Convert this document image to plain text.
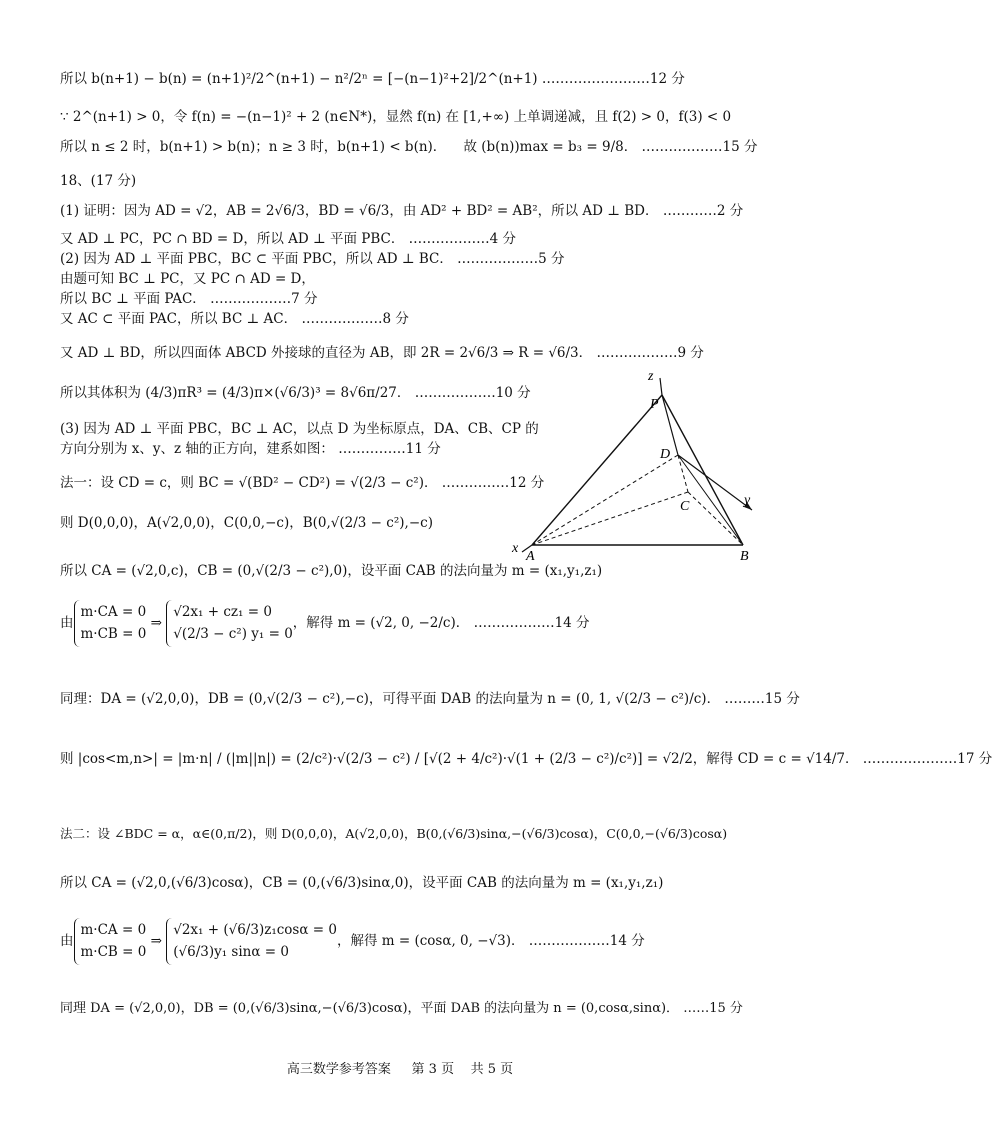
所以 b(n+1) − b(n) = (n+1)²/2^(n+1) − n²/2ⁿ = [−(n−1)²+2]/2^(n+1) ……………………12 分
∵ 2^(n+1) > 0，令 f(n) = −(n−1)² + 2 (n∈N*)，显然 f(n) 在 [1,+∞) 上单调递减，且 f(2) > 0，f(3) < 0
所以 n ≤ 2 时，b(n+1) > b(n)；n ≥ 3 时，b(n+1) < b(n)． 故 (b(n))max = b₃ = 9/8． ………………15 分
18、(17 分)
(1) 证明：因为 AD = √2，AB = 2√6/3，BD = √6/3，由 AD² + BD² = AB²，所以 AD ⊥ BD． …………2 分
又 AD ⊥ PC，PC ∩ BD = D，所以 AD ⊥ 平面 PBC． ………………4 分
(2) 因为 AD ⊥ 平面 PBC，BC ⊂ 平面 PBC，所以 AD ⊥ BC． ………………5 分
由题可知 BC ⊥ PC，又 PC ∩ AD = D，
所以 BC ⊥ 平面 PAC． ………………7 分
又 AC ⊂ 平面 PAC，所以 BC ⊥ AC． ………………8 分
又 AD ⊥ BD，所以四面体 ABCD 外接球的直径为 AB，即 2R = 2√6/3 ⇒ R = √6/3． ………………9 分
所以其体积为 (4/3)πR³ = (4/3)π×(√6/3)³ = 8√6π/27． ………………10 分
(3) 因为 AD ⊥ 平面 PBC，BC ⊥ AC，以点 D 为坐标原点，DA、CB、CP 的
方向分别为 x、y、z 轴的正方向，建系如图： ……………11 分
法一：设 CD = c，则 BC = √(BD² − CD²) = √(2/3 − c²)． ……………12 分
则 D(0,0,0)，A(√2,0,0)，C(0,0,−c)，B(0,√(2/3 − c²),−c)
所以 CA = (√2,0,c)，CB = (0,√(2/3 − c²),0)，设平面 CAB 的法向量为 m = (x₁,y₁,z₁)
由
m·CA = 0
m·CB = 0
⇒
√2x₁ + cz₁ = 0
√(2/3 − c²) y₁ = 0
，解得 m = (√2, 0, −2/c)．
………………14 分
同理：DA = (√2,0,0)，DB = (0,√(2/3 − c²),−c)，可得平面 DAB 的法向量为 n = (0, 1, √(2/3 − c²)/c)． ………15 分
则 |cos<m,n>| = |m·n| / (|m||n|) = (2/c²)·√(2/3 − c²) / [√(2 + 4/c²)·√(1 + (2/3 − c²)/c²)] = √2/2，解得 CD = c = √14/7． …………………17 分
法二：设 ∠BDC = α，α∈(0,π/2)，则 D(0,0,0)，A(√2,0,0)，B(0,(√6/3)sinα,−(√6/3)cosα)，C(0,0,−(√6/3)cosα)
所以 CA = (√2,0,(√6/3)cosα)，CB = (0,(√6/3)sinα,0)，设平面 CAB 的法向量为 m = (x₁,y₁,z₁)
由
m·CA = 0
m·CB = 0
⇒
√2x₁ + (√6/3)z₁cosα = 0
(√6/3)y₁ sinα = 0
，解得 m = (cosα, 0, −√3)．
………………14 分
同理 DA = (√2,0,0)，DB = (0,(√6/3)sinα,−(√6/3)cosα)，平面 DAB 的法向量为 n = (0,cosα,sinα)． ……15 分
z
x
y
P
D
C
A	B
高三数学参考答案 第 3 页 共 5 页
